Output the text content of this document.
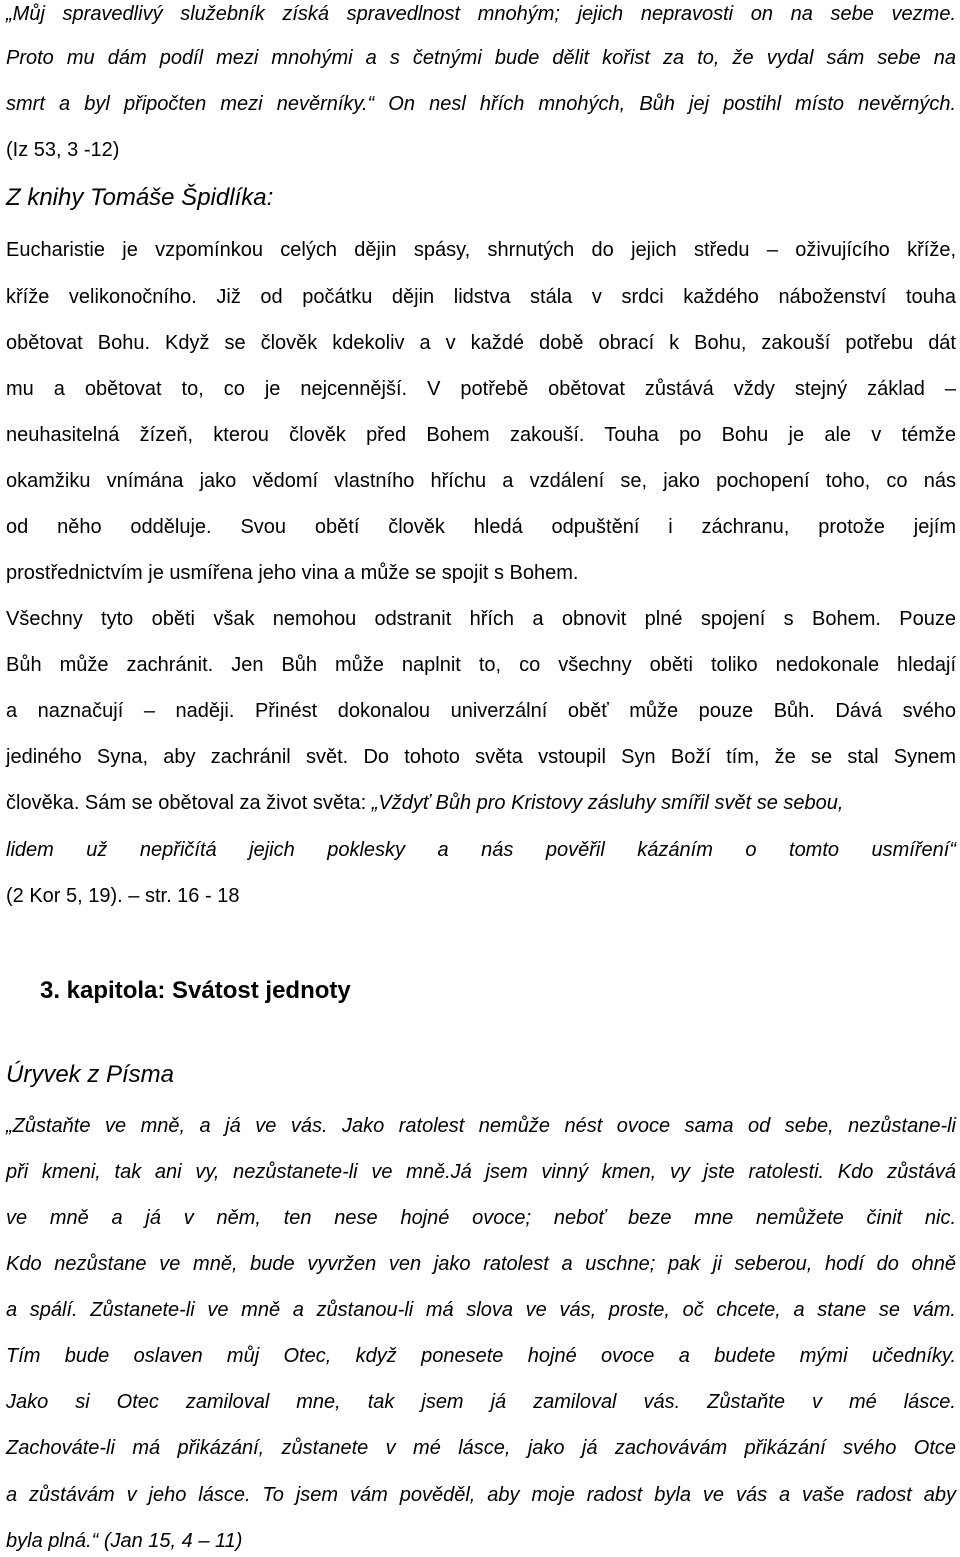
„Můj spravedlivý služebník získá spravedlnost mnohým; jejich nepravosti on na sebe vezme.
Proto mu dám podíl mezi mnohými a s četnými bude dělit kořist za to, že vydal sám sebe na
smrt a byl připočten mezi nevěrníky.“ On nesl hřích mnohých, Bůh jej postihl místo nevěrných.
(Iz 53, 3 -12)
Z knihy Tomáše Špidlíka:
Eucharistie je vzpomínkou celých dějin spásy, shrnutých do jejich středu – oživujícího kříže,
kříže velikonočního. Již od počátku dějin lidstva stála v srdci každého náboženství touha
obětovat Bohu. Když se člověk kdekoliv a v každé době obrací k Bohu, zakouší potřebu dát
mu a obětovat to, co je nejcennější. V potřebě obětovat zůstává vždy stejný základ –
neuhasitelná žízeň, kterou člověk před Bohem zakouší. Touha po Bohu je ale v témže
okamžiku vnímána jako vědomí vlastního hříchu a vzdálení se, jako pochopení toho, co nás
od něho odděluje. Svou obětí člověk hledá odpuštění i záchranu, protože jejím
prostřednictvím je usmířena jeho vina a může se spojit s Bohem.
Všechny tyto oběti však nemohou odstranit hřích a obnovit plné spojení s Bohem. Pouze
Bůh může zachránit. Jen Bůh může naplnit to, co všechny oběti toliko nedokonale hledají
a naznačují – naději. Přinést dokonalou univerzální oběť může pouze Bůh. Dává svého
jediného Syna, aby zachránil svět. Do tohoto světa vstoupil Syn Boží tím, že se stal Synem
člověka. Sám se obětoval za život světa: „Vždyť Bůh pro Kristovy zásluhy smířil svět se sebou,
lidem už nepřičítá jejich poklesky a nás pověřil kázáním o tomto usmíření“
(2 Kor 5, 19). – str. 16 - 18
3. kapitola: Svátost jednoty
Úryvek z Písma
„Zůstaňte ve mně, a já ve vás. Jako ratolest nemůže nést ovoce sama od sebe, nezůstane-li
při kmeni, tak ani vy, nezůstanete-li ve mně.Já jsem vinný kmen, vy jste ratolesti. Kdo zůstává
ve mně a já v něm, ten nese hojné ovoce; neboť beze mne nemůžete činit nic.
Kdo nezůstane ve mně, bude vyvržen ven jako ratolest a uschne; pak ji seberou, hodí do ohně
a spálí. Zůstanete-li ve mně a zůstanou-li má slova ve vás, proste, oč chcete, a stane se vám.
Tím bude oslaven můj Otec, když ponesete hojné ovoce a budete mými učedníky.
Jako si Otec zamiloval mne, tak jsem já zamiloval vás. Zůstaňte v mé lásce.
Zachováte-li má přikázání, zůstanete v mé lásce, jako já zachovávám přikázání svého Otce
a zůstávám v jeho lásce. To jsem vám pověděl, aby moje radost byla ve vás a vaše radost aby
byla plná.“ (Jan 15, 4 – 11)
